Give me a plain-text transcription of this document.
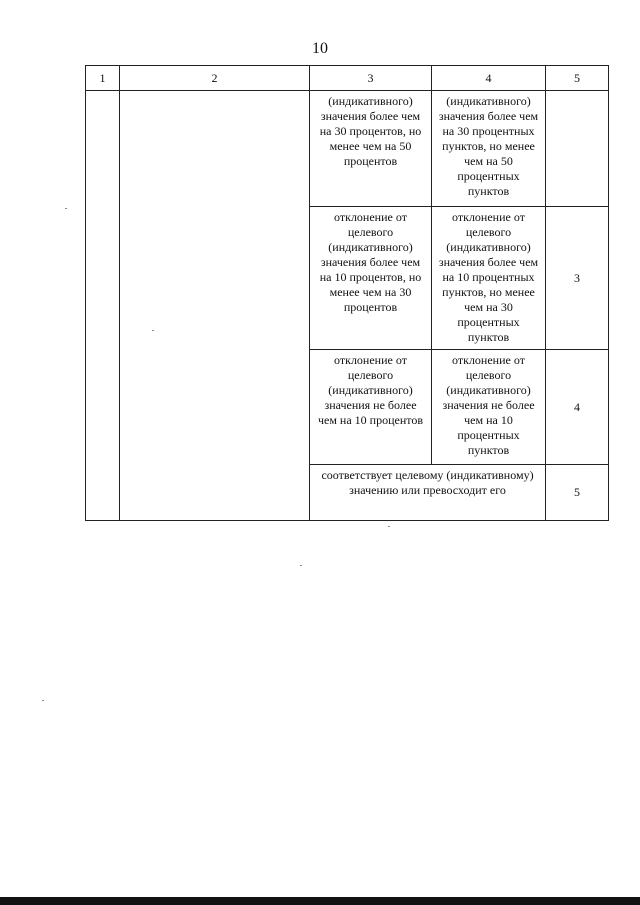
10
1	2	3	4	5
		(индикативного) значения более чем на 30 процентов, но менее чем на 50 процентов	(индикативного) значения более чем на 30 процентных пунктов, но менее чем на 50 процентных пунктов	
		отклонение от целевого (индикативного) значения более чем на 10 процентов, но менее чем на 30 процентов	отклонение от целевого (индикативного) значения более чем на 10 процентных пунктов, но менее чем на 30 процентных пунктов	3
		отклонение от целевого (индикативного) значения не более чем на 10 процентов	отклонение от целевого (индикативного) значения не более чем на 10 процентных пунктов	4
		соответствует целевому (индикативному) значению или превосходит его		5
